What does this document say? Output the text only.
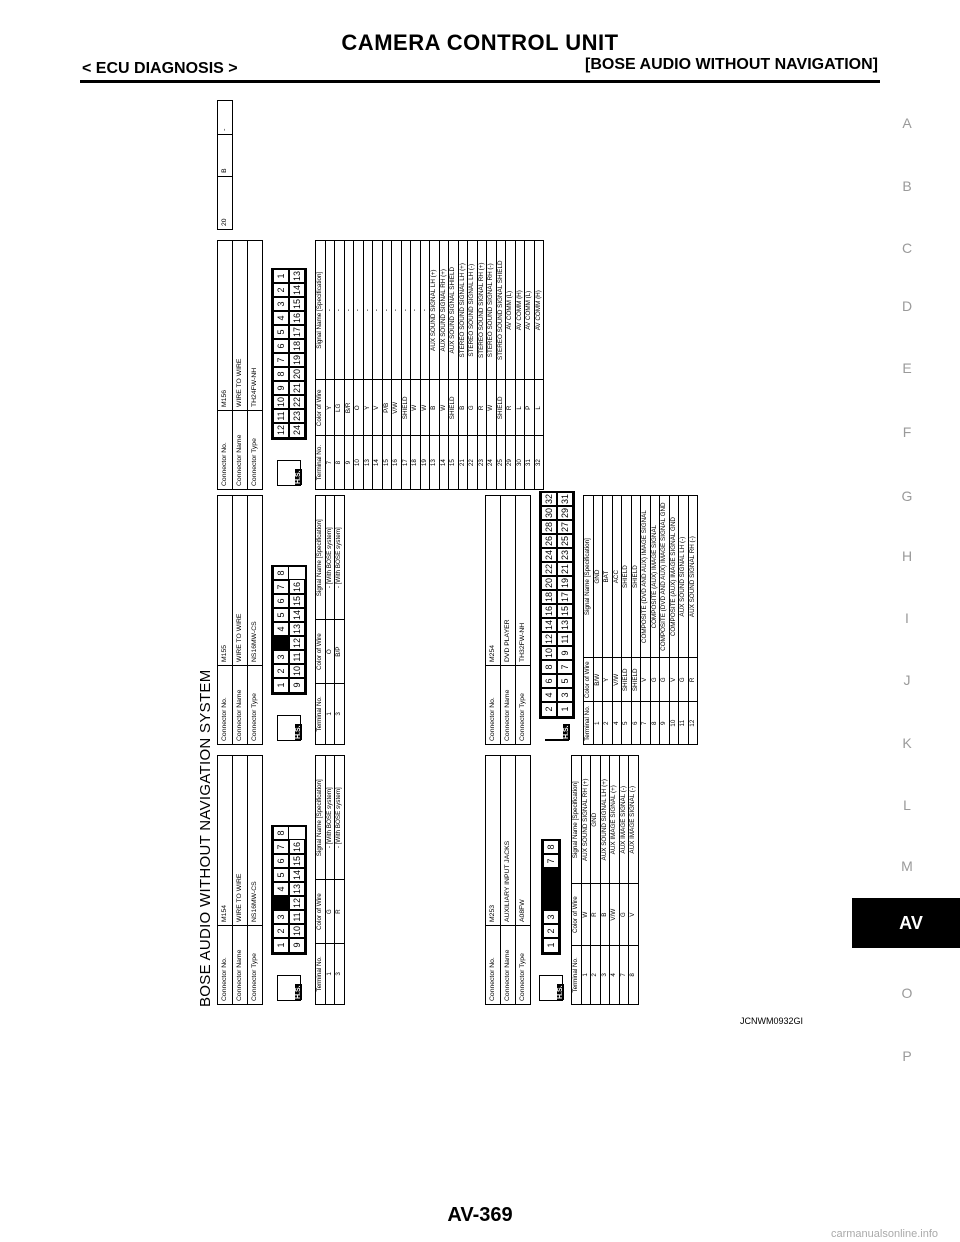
CAMERA CONTROL UNIT
< ECU DIAGNOSIS >	[BOSE AUDIO WITHOUT NAVIGATION]
A
B
C
D
E
F
G
H
I
J
K
L
M
O
P
AV
BOSE AUDIO WITHOUT NAVIGATION SYSTEM Connector No.	M154
Connector Name	WIRE TO WIRE
Connector Type	NS16MW-CS
H.S.
1
2
3
4
5
6
7
8
9
10
11
12
13
14
15
16
Terminal No.	Color of Wire	Signal Name [Specification]
1	G	- [With BOSE system]
3	R	- [With BOSE system]
Connector No.	M155
Connector Name	WIRE TO WIRE
Connector Type	NS16MW-CS
H.S.
1
2
3
4
5
6
7
8
9
10
11
12
13
14
15
16
Terminal No.	Color of Wire	Signal Name [Specification]
1	O	- [With BOSE system]
3	B/P	- [With BOSE system]
Connector No.	M156
Connector Name	WIRE TO WIRE
Connector Type	TH24FW-NH
H.S.
12
11
10
9
8
7
6
5
4
3
2
1
24
23
22
21
20
19
18
17
16
15
14
13
Terminal No.	Color of Wire	Signal Name [Specification]
7	Y	-
8	LG	-
9	B/R	-
10	O	-
13	Y	-
14	V	-
15	P/B	-
16	V/W	-
17	SHIELD	-
18	W	-
19	W	-
13	B	AUX SOUND SIGNAL LH (+)
14	W	AUX SOUND SIGNAL RH (+)
15	SHIELD	AUX SOUND SIGNAL SHIELD
21	B	STEREO SOUND SIGNAL LH (+)
22	G	STEREO SOUND SIGNAL LH (-)
23	R	STEREO SOUND SIGNAL RH (+)
24	W	STEREO SOUND SIGNAL RH (-)
25	SHIELD	STEREO SOUND SIGNAL SHIELD
29	R	AV COMM (L)
30	L	AV COMM (H)
31	P	AV COMM (L)
32	L	AV COMM (H)
20	B	-
Connector No.	M253
Connector Name	AUXILIARY INPUT JACKS
Connector Type	A08FW
H.S.
1
2
3
7
8
Terminal No.	Color of Wire	Signal Name [Specification]
1	W	AUX SOUND SIGNAL RH (+)
2	R	GND
3	B	AUX SOUND SIGNAL LH (+)
4	V/W	AUX IMAGE SIGNAL (+)
7	G	AUX IMAGE SIGNAL (-)
8	V	AUX IMAGE SIGNAL (-)
Connector No.	M254
Connector Name	DVD PLAYER
Connector Type	TH32FW-NH
H.S.
2
4
6
8
10
12
14
16
18
20
22
24
26
28
30
32
1
3
5
7
9
11
13
15
17
19
21
23
25
27
29
31
Terminal No.	Color of Wire	Signal Name [Specification]
1	B/W	GND
2	Y	BAT
4	V/W	ACC
5	SHIELD	SHIELD
6	SHIELD	SHIELD
7	V	COMPOSITE (DVD AND AUX) IMAGE SIGNAL
8	G	COMPOSITE (AUX) IMAGE SIGNAL
9	G	COMPOSITE (DVD AND AUX) IMAGE SIGNAL GND
10	V	COMPOSITE (AUX) IMAGE SIGNAL GND
11	G	AUX SOUND SIGNAL LH (-)
12	R	AUX SOUND SIGNAL RH (-)
JCNWM0932GI
AV-369
carmanualsonline.info
